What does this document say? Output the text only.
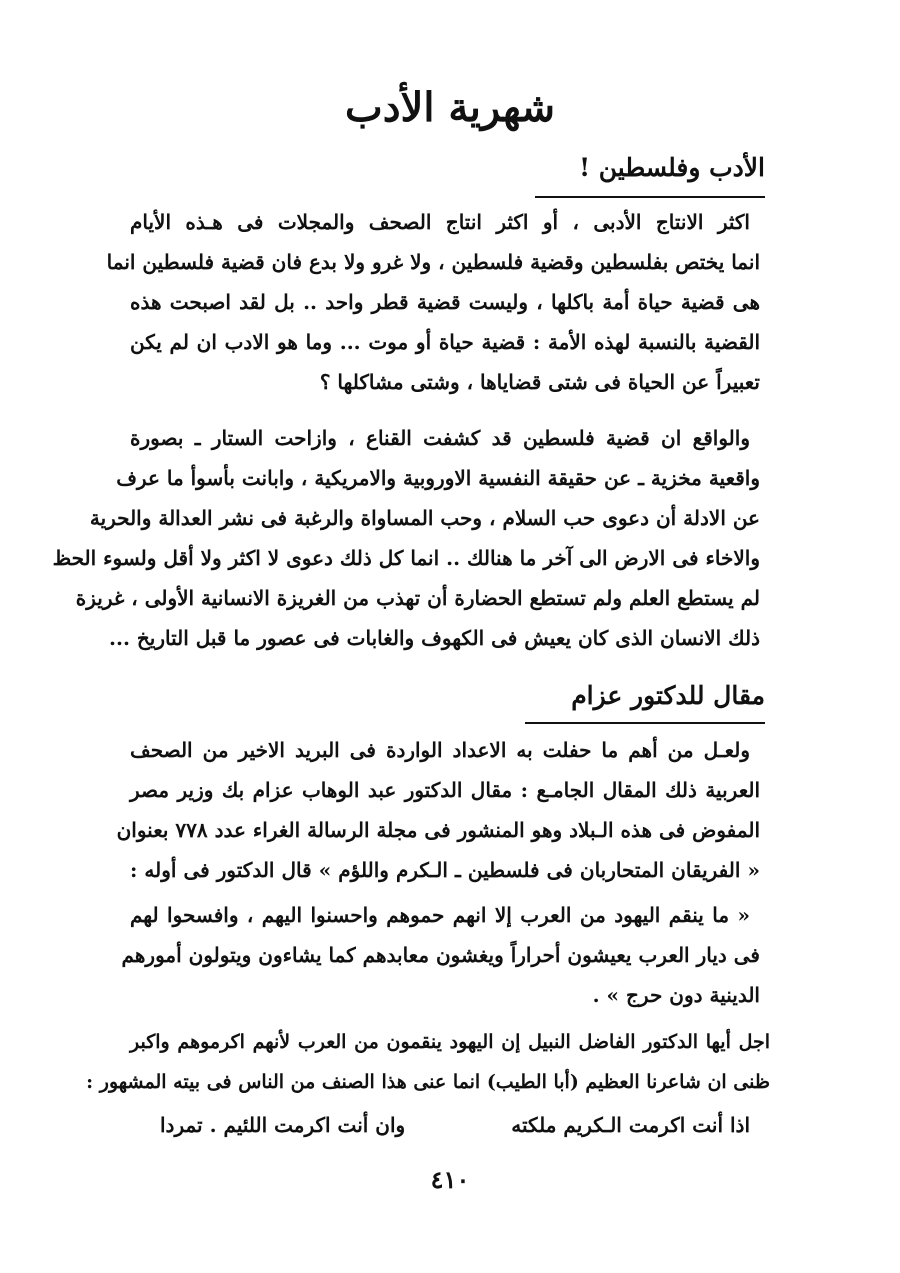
شهرية الأدب
الأدب وفلسطين !
اكثر الانتاج الأدبى ، أو اكثر انتاج الصحف والمجلات فى هـذه الأيام
انما يختص بفلسطين وقضية فلسطين ، ولا غرو ولا بدع فان قضية فلسطين انما
هى قضية حياة أمة باكلها ، وليست قضية قطر واحد .. بل لقد اصبحت هذه
القضية بالنسبة لهذه الأمة : قضية حياة أو موت ... وما هو الادب ان لم يكن
تعبيراً عن الحياة فى شتى قضاياها ، وشتى مشاكلها ؟
والواقع ان قضية فلسطين قد كشفت القناع ، وازاحت الستار ـ بصورة
واقعية مخزية ـ عن حقيقة النفسية الاوروبية والامريكية ، وابانت بأسوأ ما عرف
عن الادلة أن دعوى حب السلام ، وحب المساواة والرغبة فى نشر العدالة والحرية
والاخاء فى الارض الى آخر ما هنالك .. انما كل ذلك دعوى لا اكثر ولا أقل ولسوء الحظ
لم يستطع العلم ولم تستطع الحضارة أن تهذب من الغريزة الانسانية الأولى ، غريزة
ذلك الانسان الذى كان يعيش فى الكهوف والغابات فى عصور ما قبل التاريخ ...
مقال للدكتور عزام
ولعـل من أهم ما حفلت به الاعداد الواردة فى البريد الاخير من الصحف
العربية ذلك المقال الجامـع : مقال الدكتور عبد الوهاب عزام بك وزير مصر
المفوض فى هذه الـبلاد وهو المنشور فى مجلة الرسالة الغراء عدد ٧٧٨ بعنوان
« الفريقان المتحاربان فى فلسطين ـ الـكرم واللؤم » قال الدكتور فى أوله :
« ما ينقم اليهود من العرب إلا انهم حموهم واحسنوا اليهم ، وافسحوا لهم
فى ديار العرب يعيشون أحراراً ويغشون معابدهم كما يشاءون ويتولون أمورهم
الدينية دون حرج » .
اجل أيها الدكتور الفاضل النبيل إن اليهود ينقمون من العرب لأنهم اكرموهم واكبر
ظنى ان شاعرنا العظيم (أبا الطيب) انما عنى هذا الصنف من الناس فى بيته المشهور :
اذا أنت اكرمت الـكريم ملكته
وان أنت اكرمت اللئيم . تمردا
٤١٠
